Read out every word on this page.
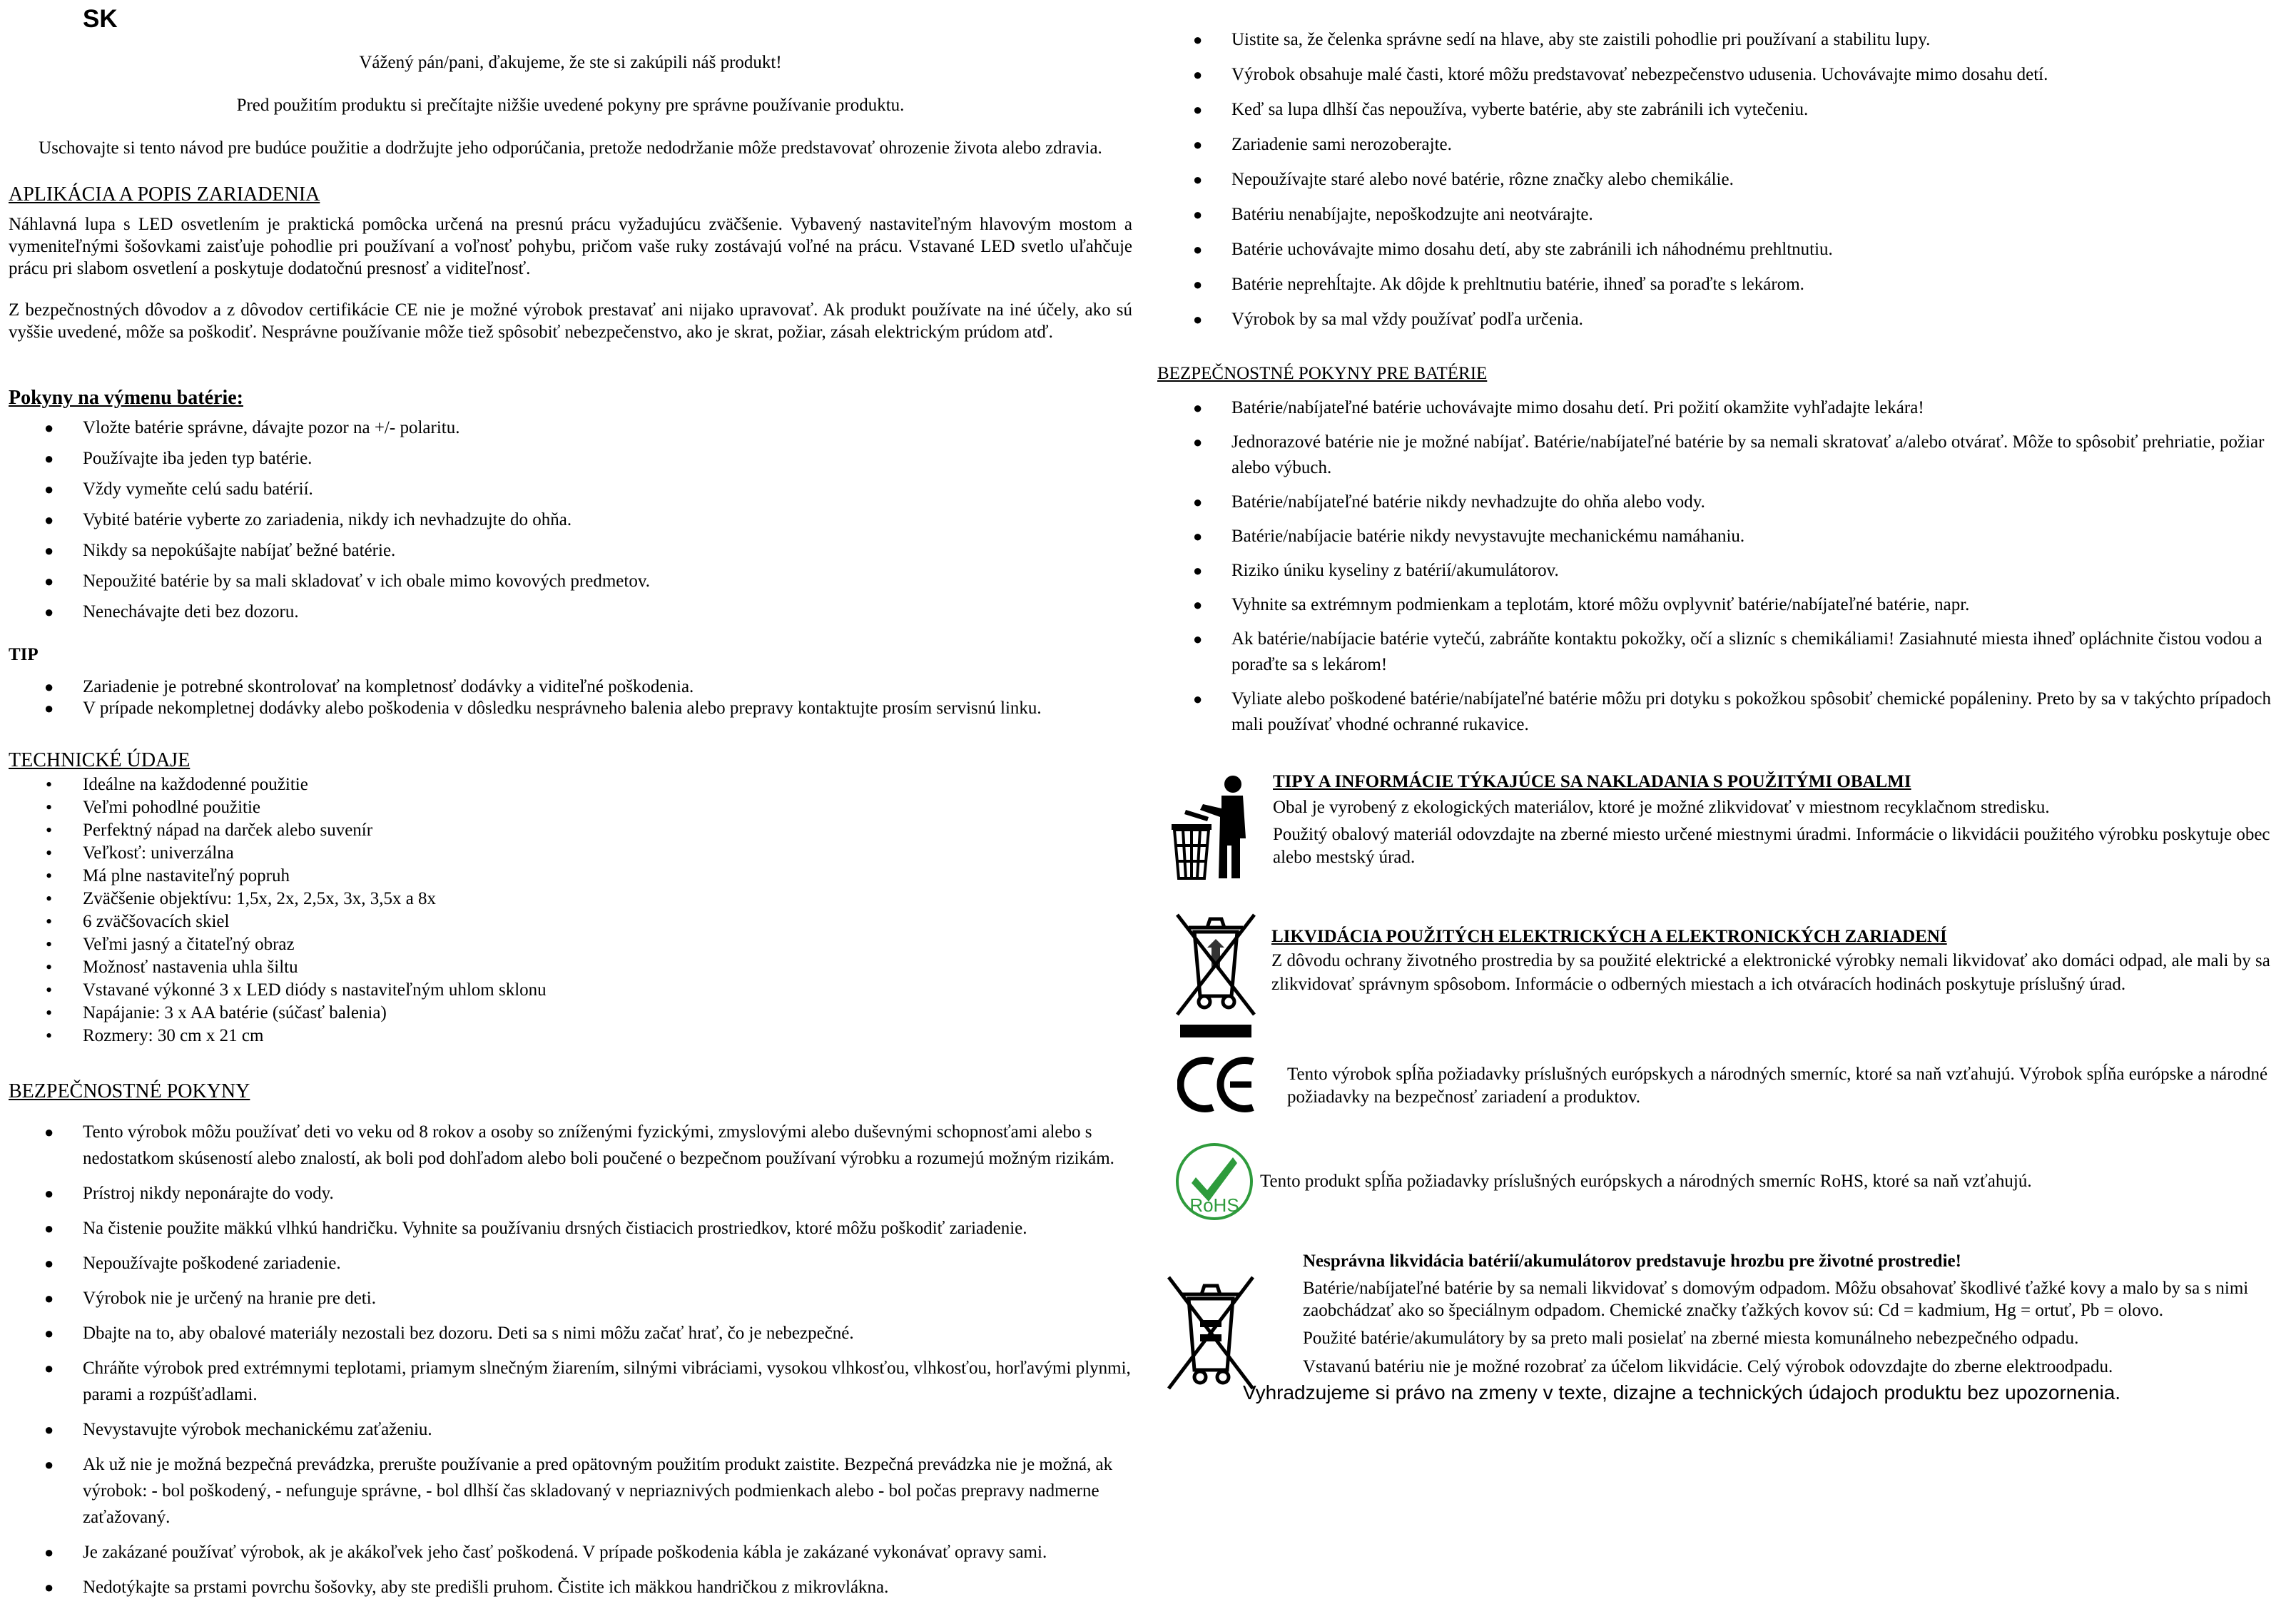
SK

Vážený pán/pani, ďakujeme, že ste si zakúpili náš produkt!

Pred použitím produktu si prečítajte nižšie uvedené pokyny pre správne používanie produktu.

Uschovajte si tento návod pre budúce použitie a dodržujte jeho odporúčania, pretože nedodržanie môže predstavovať ohrozenie života alebo zdravia.

APLIKÁCIA A POPIS ZARIADENIA

Náhlavná lupa s LED osvetlením je praktická pomôcka určená na presnú prácu vyžadujúcu zväčšenie. Vybavený nastaviteľným hlavovým mostom a vymeniteľnými šošovkami zaisťuje pohodlie pri používaní a voľnosť pohybu, pričom vaše ruky zostávajú voľné na prácu. Vstavané LED svetlo uľahčuje prácu pri slabom osvetlení a poskytuje dodatočnú presnosť a viditeľnosť.

Z bezpečnostných dôvodov a z dôvodov certifikácie CE nie je možné výrobok prestavať ani nijako upravovať. Ak produkt používate na iné účely, ako sú vyššie uvedené, môže sa poškodiť. Nesprávne používanie môže tiež spôsobiť nebezpečenstvo, ako je skrat, požiar, zásah elektrickým prúdom atď.

Pokyny na výmenu batérie:
● Vložte batérie správne, dávajte pozor na +/- polaritu.
● Používajte iba jeden typ batérie.
● Vždy vymeňte celú sadu batérií.
● Vybité batérie vyberte zo zariadenia, nikdy ich nevhadzujte do ohňa.
● Nikdy sa nepokúšajte nabíjať bežné batérie.
● Nepoužité batérie by sa mali skladovať v ich obale mimo kovových predmetov.
● Nenechávajte deti bez dozoru.
TIP
● Zariadenie je potrebné skontrolovať na kompletnosť dodávky a viditeľné poškodenia.
● V prípade nekompletnej dodávky alebo poškodenia v dôsledku nesprávneho balenia alebo prepravy kontaktujte prosím servisnú linku.
TECHNICKÉ ÚDAJE
• Ideálne na každodenné použitie
• Veľmi pohodlné použitie
• Perfektný nápad na darček alebo suvenír
• Veľkosť: univerzálna
• Má plne nastaviteľný popruh
• Zväčšenie objektívu: 1,5x, 2x, 2,5x, 3x, 3,5x a 8x
• 6 zväčšovacích skiel
• Veľmi jasný a čitateľný obraz
• Možnosť nastavenia uhla šiltu
• Vstavané výkonné 3 x LED diódy s nastaviteľným uhlom sklonu
• Napájanie: 3 x AA batérie (súčasť balenia)
• Rozmery: 30 cm x 21 cm
BEZPEČNOSTNÉ POKYNY
● Tento výrobok môžu používať deti vo veku od 8 rokov a osoby so zníženými fyzickými, zmyslovými alebo duševnými schopnosťami alebo s nedostatkom skúseností alebo znalostí, ak boli pod dohľadom alebo boli poučené o bezpečnom používaní výrobku a rozumejú možným rizikám.
● Prístroj nikdy neponárajte do vody.
● Na čistenie použite mäkkú vlhkú handričku. Vyhnite sa používaniu drsných čistiacich prostriedkov, ktoré môžu poškodiť zariadenie.
● Nepoužívajte poškodené zariadenie.
● Výrobok nie je určený na hranie pre deti.
● Dbajte na to, aby obalové materiály nezostali bez dozoru. Deti sa s nimi môžu začať hrať, čo je nebezpečné.
● Chráňte výrobok pred extrémnymi teplotami, priamym slnečným žiarením, silnými vibráciami, vysokou vlhkosťou, vlhkosťou, horľavými plynmi, parami a rozpúšťadlami.
● Nevystavujte výrobok mechanickému zaťaženiu.
● Ak už nie je možná bezpečná prevádzka, prerušte používanie a pred opätovným použitím produkt zaistite. Bezpečná prevádzka nie je možná, ak výrobok: - bol poškodený, - nefunguje správne, - bol dlhší čas skladovaný v nepriaznivých podmienkach alebo - bol počas prepravy nadmerne zaťažovaný.
● Je zakázané používať výrobok, ak je akákoľvek jeho časť poškodená. V prípade poškodenia kábla je zakázané vykonávať opravy sami.
● Nedotýkajte sa prstami povrchu šošovky, aby ste predišli pruhom. Čistite ich mäkkou handričkou z mikrovlákna.
● Uistite sa, že čelenka správne sedí na hlave, aby ste zaistili pohodlie pri používaní a stabilitu lupy.
● Výrobok obsahuje malé časti, ktoré môžu predstavovať nebezpečenstvo udusenia. Uchovávajte mimo dosahu detí.
● Keď sa lupa dlhší čas nepoužíva, vyberte batérie, aby ste zabránili ich vytečeniu.
● Zariadenie sami nerozoberajte.
● Nepoužívajte staré alebo nové batérie, rôzne značky alebo chemikálie.
● Batériu nenabíjajte, nepoškodzujte ani neotvárajte.
● Batérie uchovávajte mimo dosahu detí, aby ste zabránili ich náhodnému prehltnutiu.
● Batérie neprehĺtajte. Ak dôjde k prehltnutiu batérie, ihneď sa poraďte s lekárom.
● Výrobok by sa mal vždy používať podľa určenia.
BEZPEČNOSTNÉ POKYNY PRE BATÉRIE
● Batérie/nabíjateľné batérie uchovávajte mimo dosahu detí. Pri požití okamžite vyhľadajte lekára!
● Jednorazové batérie nie je možné nabíjať. Batérie/nabíjateľné batérie by sa nemali skratovať a/alebo otvárať. Môže to spôsobiť prehriatie, požiar alebo výbuch.
● Batérie/nabíjateľné batérie nikdy nevhadzujte do ohňa alebo vody.
● Batérie/nabíjacie batérie nikdy nevystavujte mechanickému namáhaniu.
● Riziko úniku kyseliny z batérií/akumulátorov.
● Vyhnite sa extrémnym podmienkam a teplotám, ktoré môžu ovplyvniť batérie/nabíjateľné batérie, napr.
● Ak batérie/nabíjacie batérie vytečú, zabráňte kontaktu pokožky, očí a slizníc s chemikáliami! Zasiahnuté miesta ihneď opláchnite čistou vodou a poraďte sa s lekárom!
● Vyliate alebo poškodené batérie/nabíjateľné batérie môžu pri dotyku s pokožkou spôsobiť chemické popáleniny. Preto by sa v takýchto prípadoch mali používať vhodné ochranné rukavice.
TIPY A INFORMÁCIE TÝKAJÚCE SA NAKLADANIA S POUŽITÝMI OBALMI

Obal je vyrobený z ekologických materiálov, ktoré je možné zlikvidovať v miestnom recyklačnom stredisku.

Použitý obalový materiál odovzdajte na zberné miesto určené miestnymi úradmi. Informácie o likvidácii použitého výrobku poskytuje obec alebo mestský úrad.

LIKVIDÁCIA POUŽITÝCH ELEKTRICKÝCH A ELEKTRONICKÝCH ZARIADENÍ

Z dôvodu ochrany životného prostredia by sa použité elektrické a elektronické výrobky nemali likvidovať ako domáci odpad, ale mali by sa zlikvidovať správnym spôsobom. Informácie o odberných miestach a ich otváracích hodinách poskytuje príslušný úrad.

Tento výrobok spĺňa požiadavky príslušných európskych a národných smerníc, ktoré sa naň vzťahujú. Výrobok spĺňa európske a národné požiadavky na bezpečnosť zariadení a produktov.

RoHS

Tento produkt spĺňa požiadavky príslušných európskych a národných smerníc RoHS, ktoré sa naň vzťahujú.

Nesprávna likvidácia batérií/akumulátorov predstavuje hrozbu pre životné prostredie!

Batérie/nabíjateľné batérie by sa nemali likvidovať s domovým odpadom. Môžu obsahovať škodlivé ťažké kovy a malo by sa s nimi zaobchádzať ako so špeciálnym odpadom. Chemické značky ťažkých kovov sú: Cd = kadmium, Hg = ortuť, Pb = olovo.

Použité batérie/akumulátory by sa preto mali posielať na zberné miesta komunálneho nebezpečného odpadu.

Vstavanú batériu nie je možné rozobrať za účelom likvidácie. Celý výrobok odovzdajte do zberne elektroodpadu.

Vyhradzujeme si právo na zmeny v texte, dizajne a technických údajoch produktu bez upozornenia.
